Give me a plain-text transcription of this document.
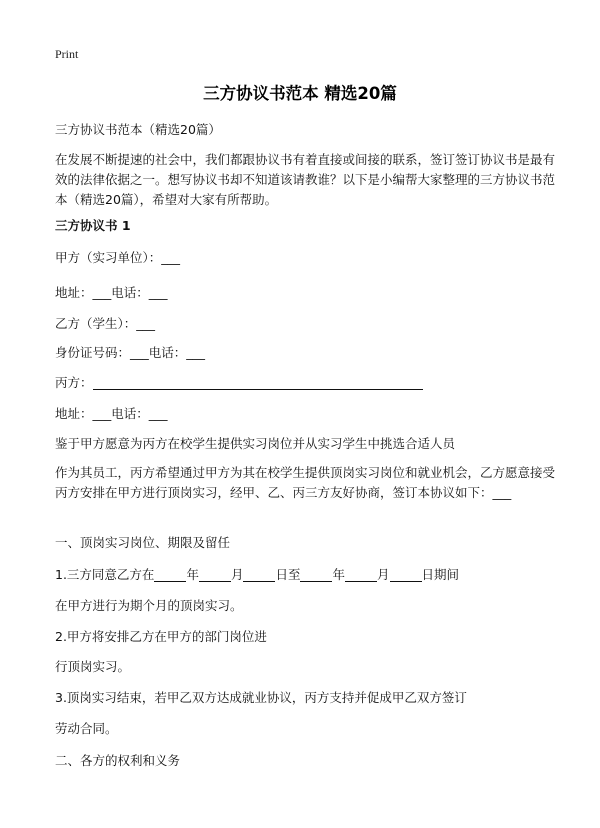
Print
三方协议书范本 精选20篇
三方协议书范本（精选20篇）
在发展不断提速的社会中，我们都跟协议书有着直接或间接的联系，签订签订协议书是最有效的法律依据之一。想写协议书却不知道该请教谁？以下是小编帮大家整理的三方协议书范本（精选20篇），希望对大家有所帮助。
三方协议书 1
甲方（实习单位）：___
地址：___电话：___
乙方（学生）：___
身份证号码：___电话：___
丙方：
地址：___电话：___
鉴于甲方愿意为丙方在校学生提供实习岗位并从实习学生中挑选合适人员
作为其员工，丙方希望通过甲方为其在校学生提供顶岗实习岗位和就业机会，乙方愿意接受丙方安排在甲方进行顶岗实习，经甲、乙、丙三方友好协商，签订本协议如下：___
一、顶岗实习岗位、期限及留任
1.三方同意乙方在	年	月	日至	年	月	日期间
在甲方进行为期个月的顶岗实习。
2.甲方将安排乙方在甲方的部门岗位进
行顶岗实习。
3.顶岗实习结束，若甲乙双方达成就业协议，丙方支持并促成甲乙双方签订
劳动合同。
二、各方的权利和义务
